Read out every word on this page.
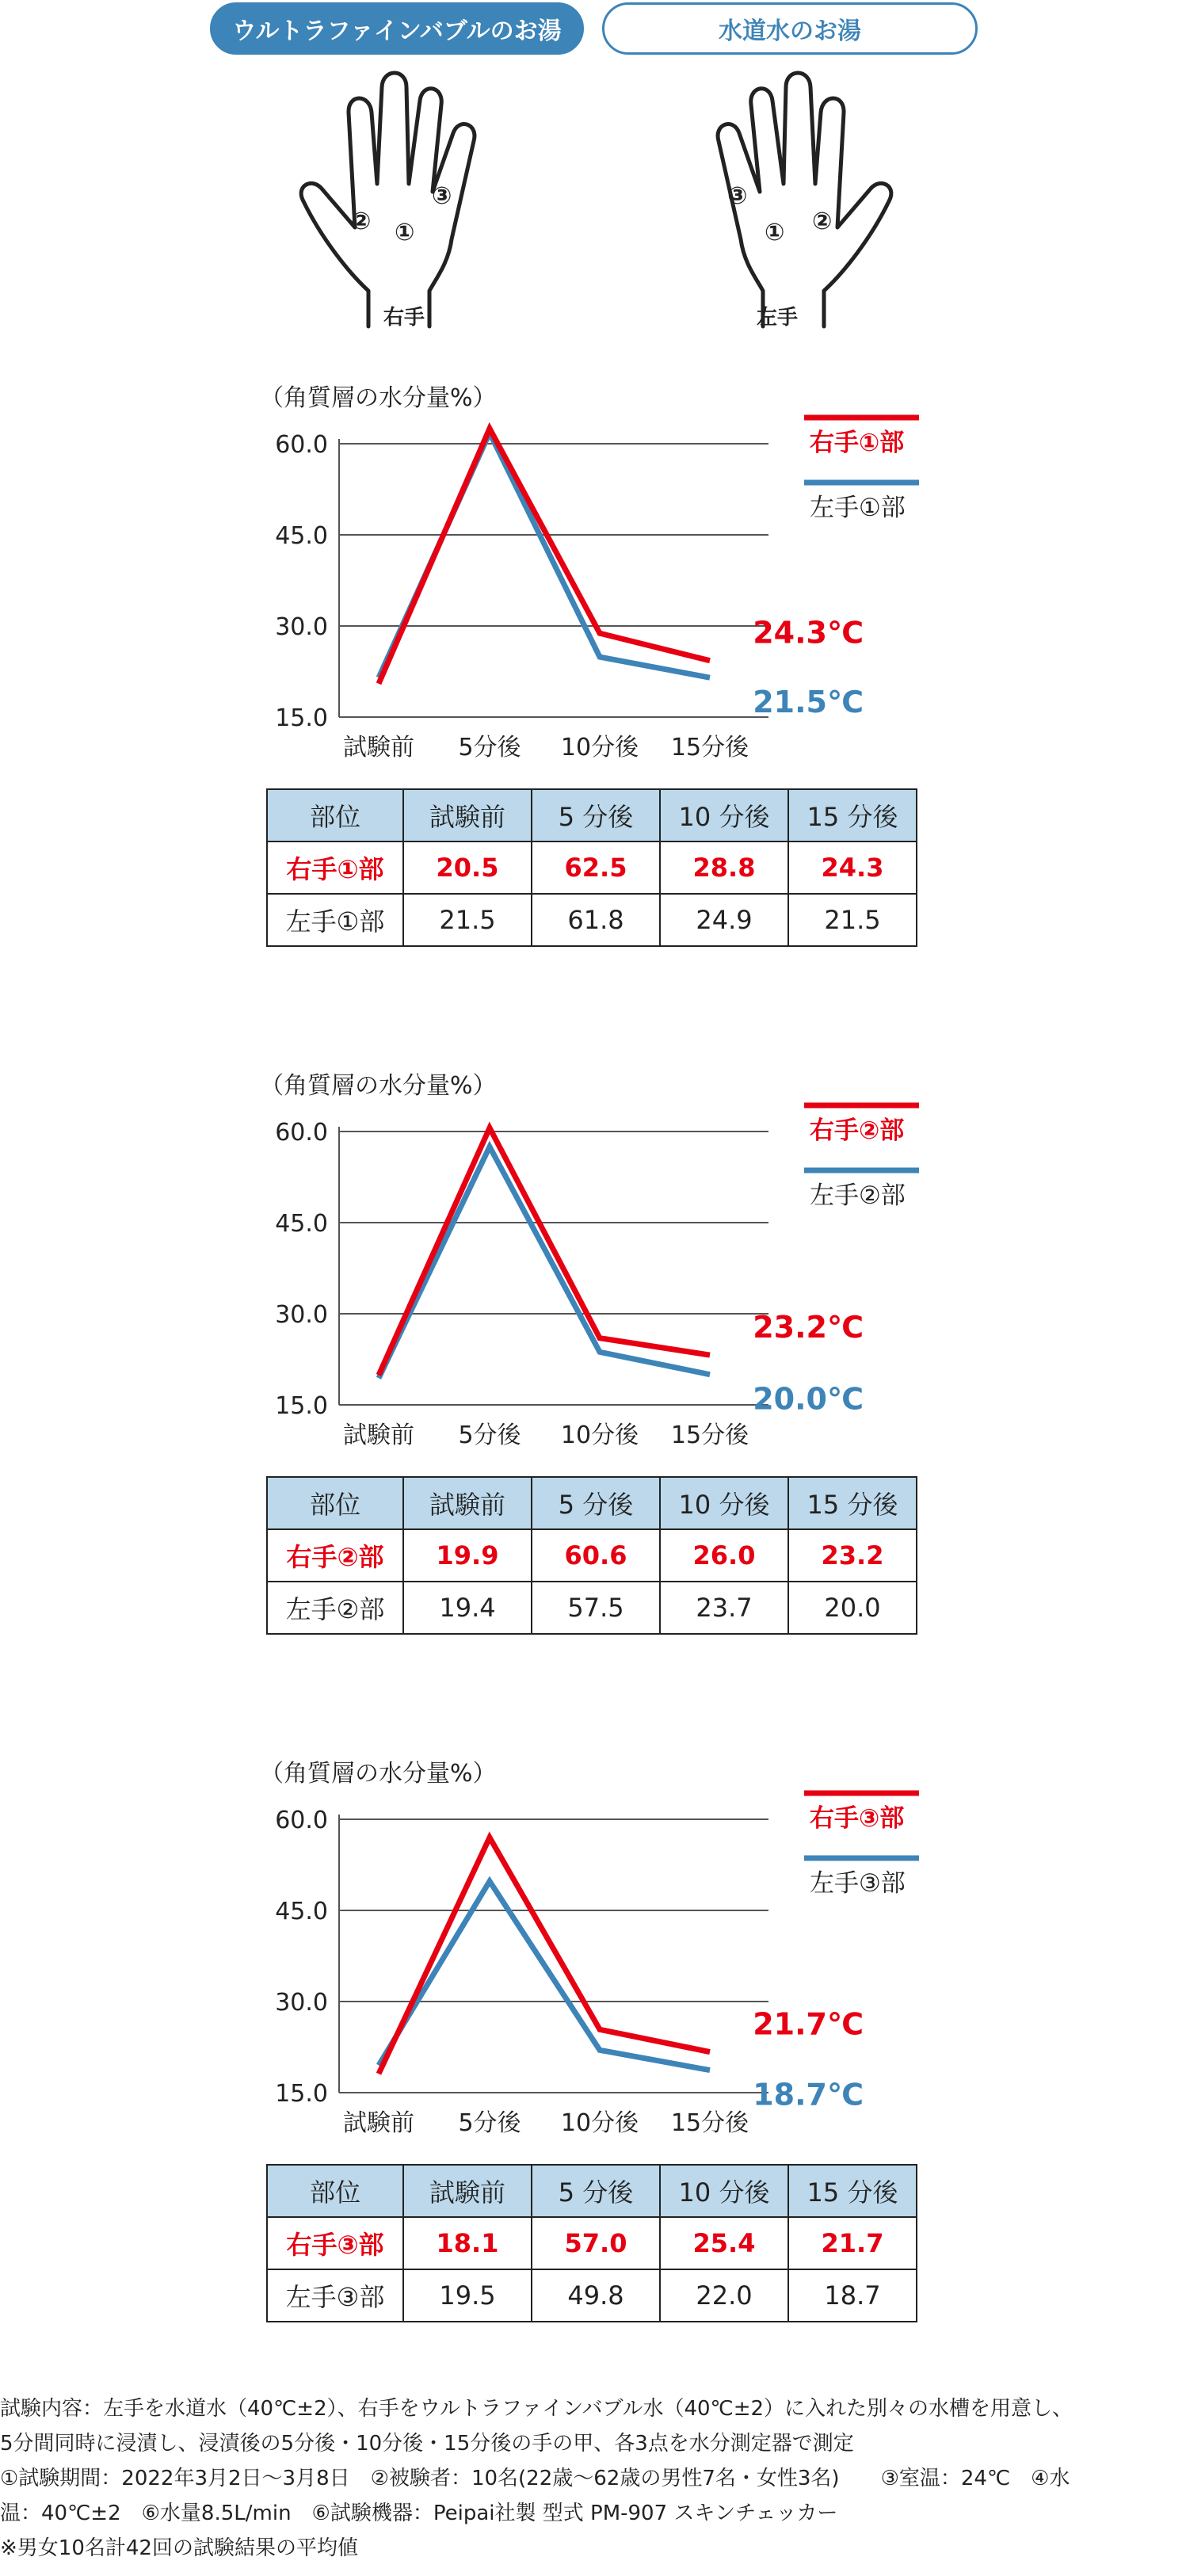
ウルトラファインバブルのお湯	水道水のお湯
② ①
③
右手
③
① ②
左手
（角質層の水分量%）
60.0
45.0
30.0
15.0
試験前 5分後 10分後 15分後
右手①部
左手①部
24.3℃
21.5℃
（角質層の水分量%）
60.0
45.0
30.0
15.0
試験前 5分後 10分後 15分後
右手②部
左手②部
23.2℃
20.0℃
（角質層の水分量%）
60.0
45.0
30.0
15.0
試験前 5分後 10分後 15分後
右手③部
左手③部
21.7℃
18.7℃
部位	試験前	5 分後	10 分後	15 分後
右手①部	20.5	62.5	28.8	24.3
左手①部	21.5	61.8	24.9	21.5
部位	試験前	5 分後	10 分後	15 分後
右手②部	19.9	60.6	26.0	23.2
左手②部	19.4	57.5	23.7	20.0
部位	試験前	5 分後	10 分後	15 分後
右手③部	18.1	57.0	25.4	21.7
左手③部	19.5	49.8	22.0	18.7
試験内容：左手を水道水（40℃±2）、右手をウルトラファインバブル水（40℃±2）に入れた別々の水槽を用意し、
5分間同時に浸漬し、浸漬後の5分後・10分後・15分後の手の甲、各3点を水分測定器で測定
①試験期間：2022年3月2日〜3月8日　②被験者：10名(22歳〜62歳の男性7名・女性3名)　　③室温：24℃　④水
温：40℃±2　⑥水量8.5L/min　⑥試験機器：Peipai社製 型式 PM-907 スキンチェッカー
※男女10名計42回の試験結果の平均値
